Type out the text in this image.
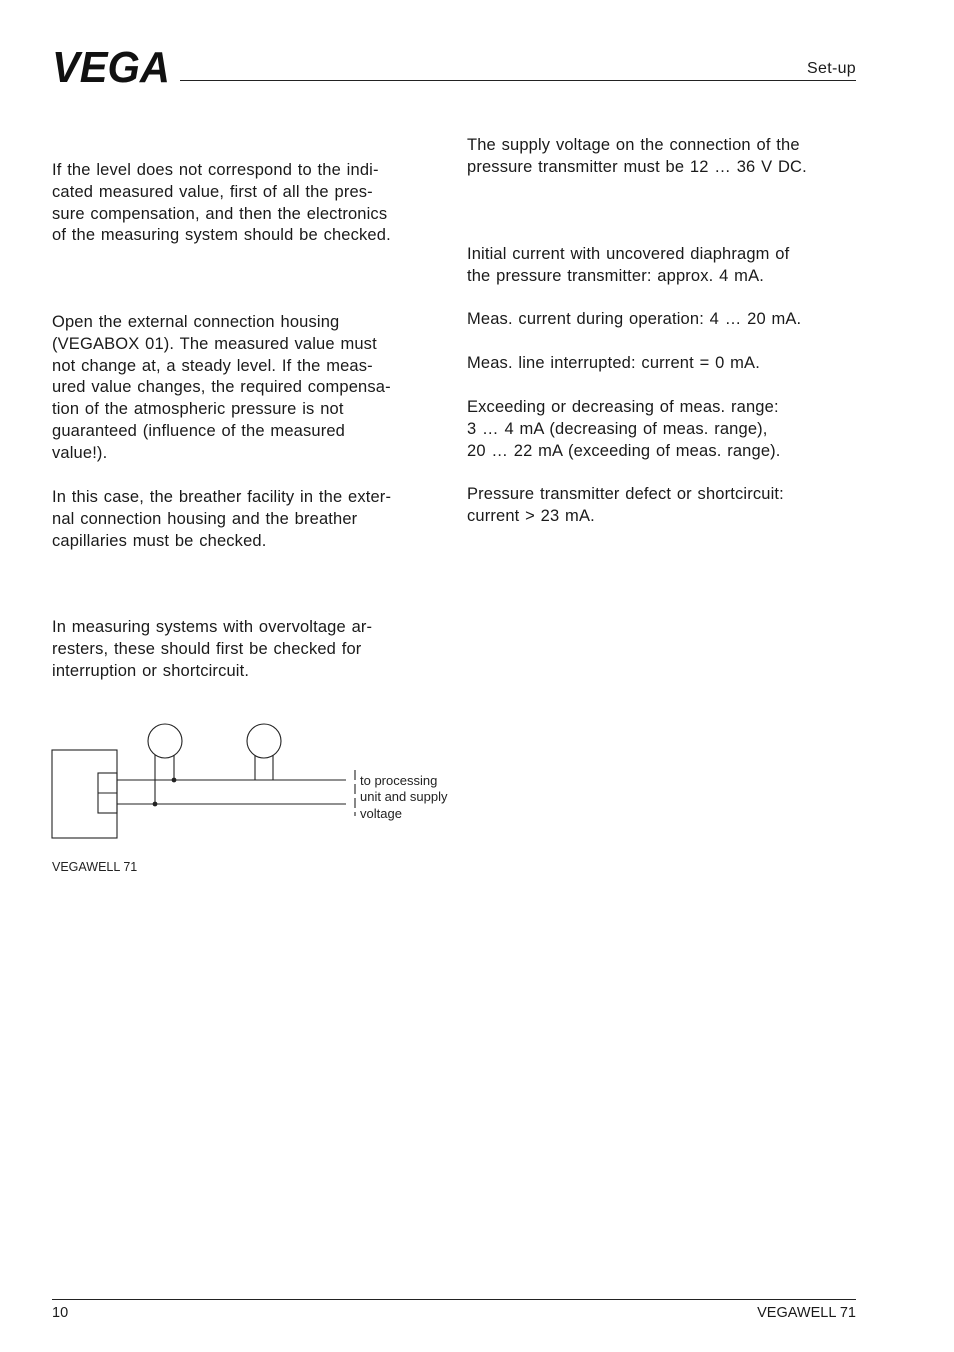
VEGA	Set-up

If the level does not correspond to the indi-
cated measured value, first of all the pres-
sure compensation, and then the electronics
of the measuring system should be checked.

Open the external connection housing
(VEGABOX 01). The measured value must
not change at, a steady level. If the meas-
ured value changes, the required compensa-
tion of the atmospheric pressure is not
guaranteed (influence of the measured
value!).

In this case, the breather facility in the exter-
nal connection housing and the breather
capillaries must be checked.

In measuring systems with overvoltage ar-
resters, these should first be checked for
interruption or shortcircuit.

The supply voltage on the connection of the
pressure transmitter must be 12 … 36 V DC.

Initial current with uncovered diaphragm of
the pressure transmitter: approx. 4 mA.

Meas. current during operation: 4 … 20 mA.

Meas. line interrupted: current = 0 mA.

Exceeding or decreasing of meas. range:
3 … 4 mA (decreasing of meas. range),
20 … 22 mA (exceeding of meas. range).

Pressure transmitter defect or shortcircuit:
current > 23 mA.

to processing
unit and supply
voltage
VEGAWELL 71
10	VEGAWELL 71
